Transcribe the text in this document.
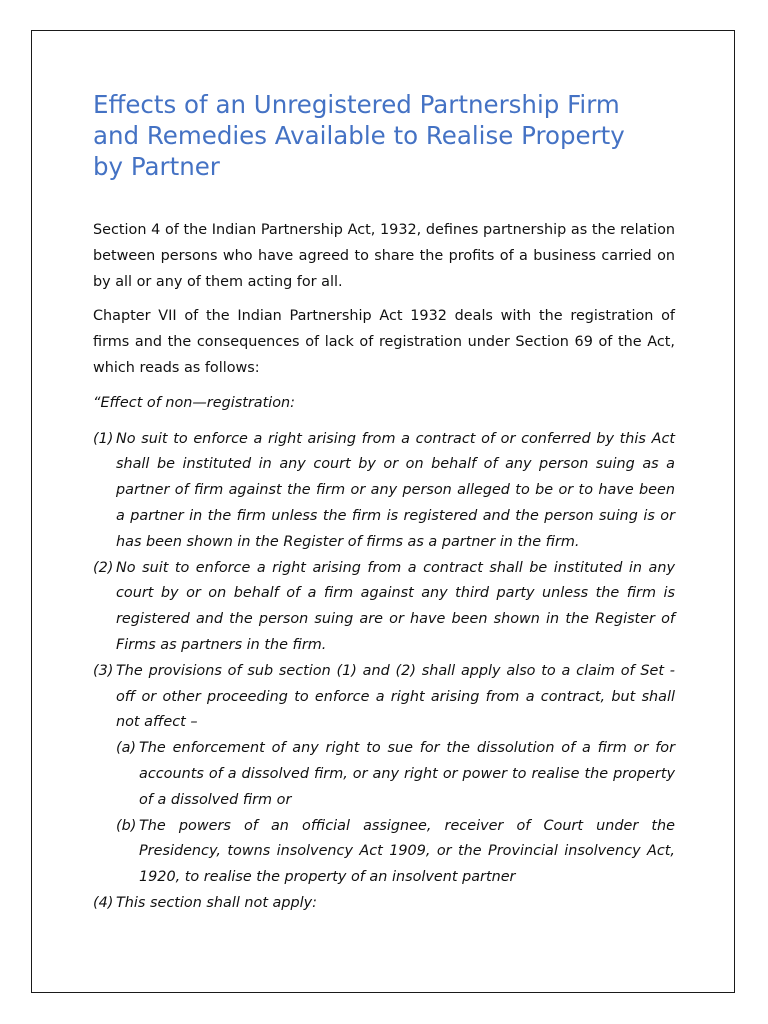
Effects of an Unregistered Partnership Firm and Remedies Available to Realise Property by Partner

Section 4 of the Indian Partnership Act, 1932, defines partnership as the relation between persons who have agreed to share the profits of a business carried on by all or any of them acting for all.

Chapter VII of the Indian Partnership Act 1932 deals with the registration of firms and the consequences of lack of registration under Section 69 of the Act, which reads as follows:

“Effect of non—registration:

(1) No suit to enforce a right arising from a contract of or conferred by this Act shall be instituted in any court by or on behalf of any person suing as a partner of firm against the firm or any person alleged to be or to have been a partner in the firm unless the firm is registered and the person suing is or has been shown in the Register of firms as a partner in the firm.

(2) No suit to enforce a right arising from a contract shall be instituted in any court by or on behalf of a firm against any third party unless the firm is registered and the person suing are or have been shown in the Register of Firms as partners in the firm.

(3) The provisions of sub section (1) and (2) shall apply also to a claim of Set - off or other proceeding to enforce a right arising from a contract, but shall not affect –

(a) The enforcement of any right to sue for the dissolution of a firm or for accounts of a dissolved firm, or any right or power to realise the property of a dissolved firm or

(b) The powers of an official assignee, receiver of Court under the Presidency, towns insolvency Act 1909, or the Provincial insolvency Act, 1920, to realise the property of an insolvent partner

(4) This section shall not apply:
